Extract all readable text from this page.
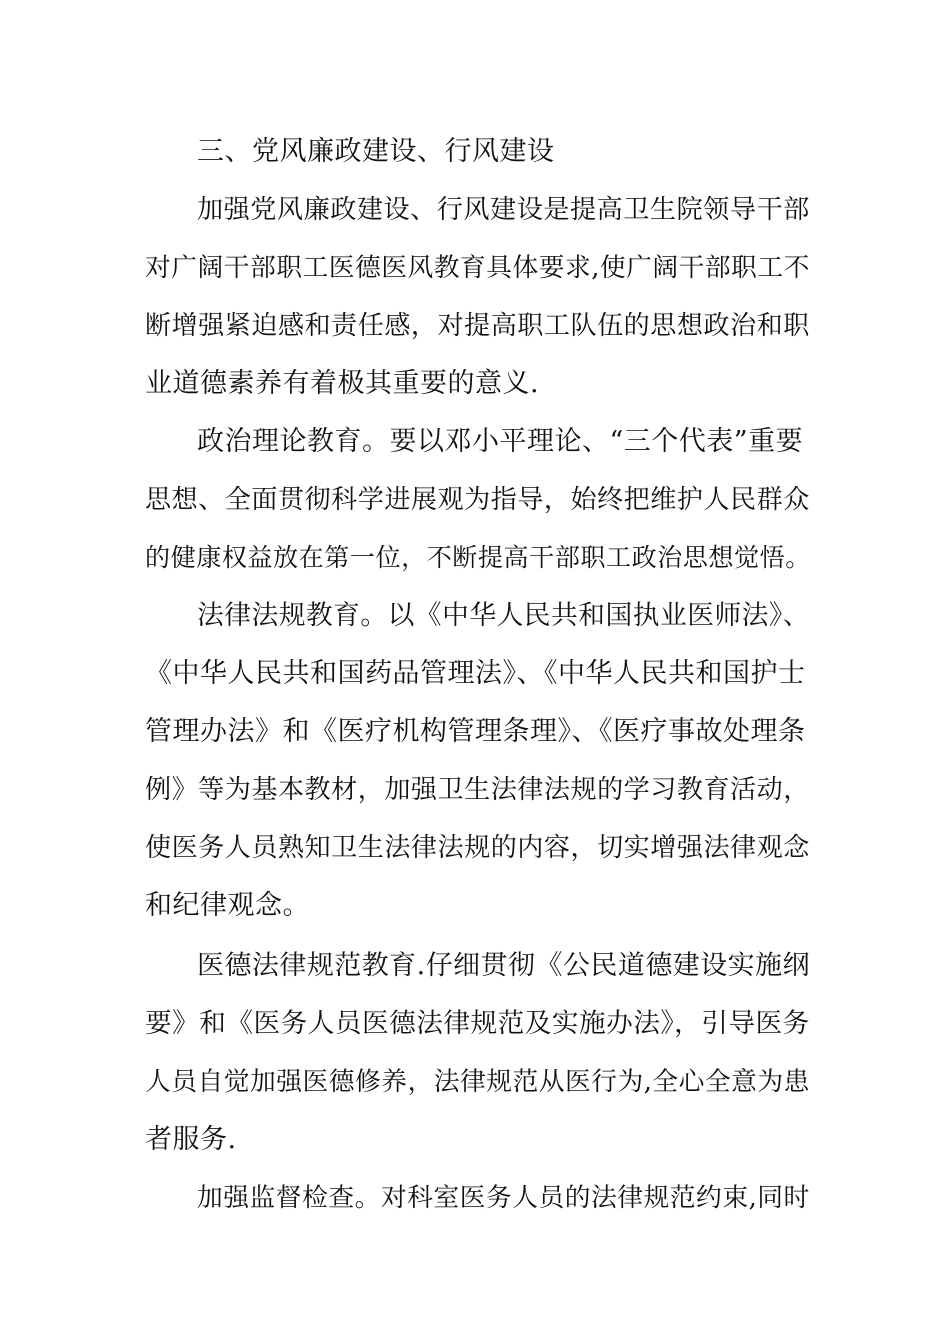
三、党风廉政建设、行风建设
加强党风廉政建设、行风建设是提高卫生院领导干部
对广阔干部职工医德医风教育具体要求,使广阔干部职工不
断增强紧迫感和责任感，对提高职工队伍的思想政治和职
业道德素养有着极其重要的意义.
政治理论教育。要以邓小平理论、“三个代表”重要
思想、全面贯彻科学进展观为指导，始终把维护人民群众
的健康权益放在第一位，不断提高干部职工政治思想觉悟。
法律法规教育。以《中华人民共和国执业医师法》、
《中华人民共和国药品管理法》、《中华人民共和国护士
管理办法》和《医疗机构管理条理》、《医疗事故处理条
例》等为基本教材，加强卫生法律法规的学习教育活动，
使医务人员熟知卫生法律法规的内容，切实增强法律观念
和纪律观念。
医德法律规范教育.仔细贯彻《公民道德建设实施纲
要》和《医务人员医德法律规范及实施办法》，引导医务
人员自觉加强医德修养，法律规范从医行为,全心全意为患
者服务.
加强监督检查。对科室医务人员的法律规范约束,同时
